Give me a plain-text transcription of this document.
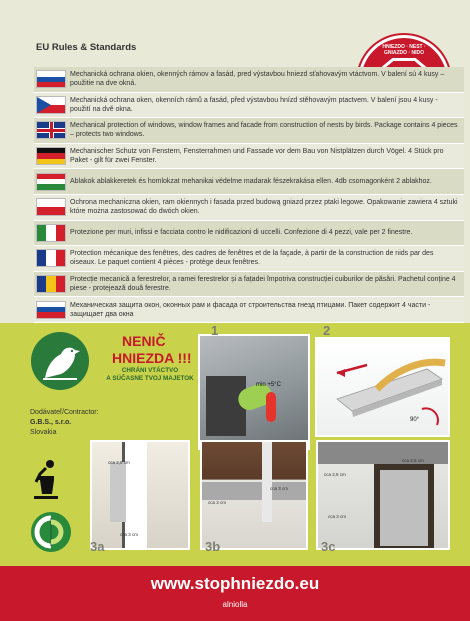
EU Rules & Standards	HNIEZDO · NEST · GNIAZDO · NIDO
Mechanická ochrana okien, okenných rámov a fasád, pred výstavbou hniezd sťahovavým vtáctvom. V balení sú 4 kusy – použitie na dve okná.
Mechanická ochrana oken, okenních rámů a fasád, před výstavbou hnízd stěhovavým ptactvem. V balení jsou 4 kusy - použití na dvě okna.
Mechanical protection of windows, window frames and facade from construction of nests by birds. Package contains 4 pieces – protects two windows.
Mechanischer Schutz von Fenstern, Fensterrahmen und Fassade vor dem Bau von Nistplätzen durch Vögel. 4 Stück pro Paket - gilt für zwei Fenster.
Ablakok ablakkeretek és homlokzat mehanikai védelme madarak fészekrakása ellen. 4db csomagonként 2 ablakhoz.
Ochrona mechaniczna okien, ram okiennych i fasada przed budową gniazd przez ptaki legowe. Opakowanie zawiera 4 sztuki które można zastosować do dwóch okien.
Protezione per muri, infissi e facciata contro le nidificazioni di uccelli. Confezione di 4 pezzi, vale per 2 finestre.
Protection mécanique des fenêtres, des cadres de fenêtres et de la façade, à partir de la construction de nids par des oiseaux. Le paquet contient 4 pièces - protège deux fenêtres.
Protecție mecanică a ferestrelor, a ramei ferestrelor și a fațadei împotriva construcției cuiburilor de păsări. Pachetul conține 4 piese - protejează două ferestre.
Механическая защита окон, оконных рам и фасада от строительства гнезд птицами. Пакет содержит 4 части - защищает два окна
NENIČ
HNIEZDA !!!
CHRÁNI VTÁCTVO
A SÚČASNE TVOJ MAJETOK
Dodávateľ/Contractor:
G.B.S., s.r.o.
Slovakia
min +5°C
1
90°
2
cca 2,5 cm
cca 3 cm
3a
cca 3 cm
cca 3 cm
3b
cca 2,5 cm
cca 3 cm
cca 2,5 cm
3c
www.stophniezdo.eu
alniolla
